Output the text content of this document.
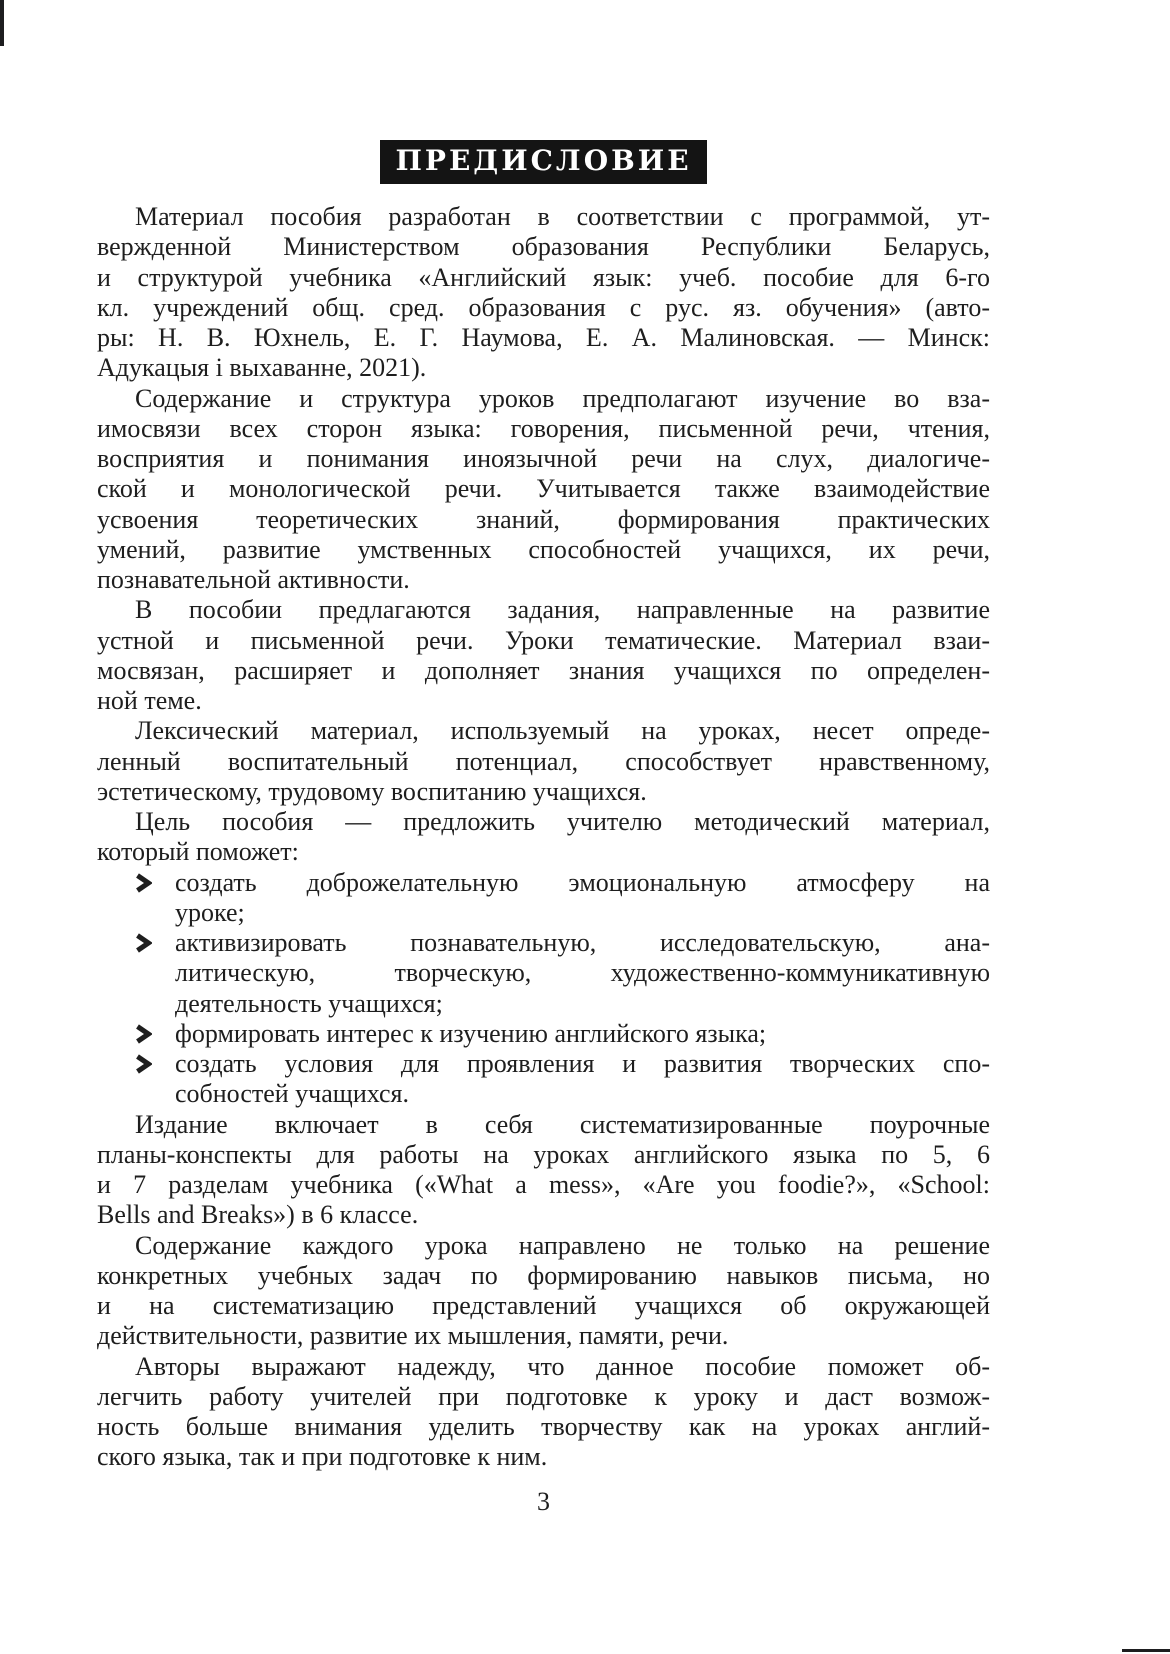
ПРЕДИСЛОВИЕ
Материал пособия разработан в соответствии с программой, ут-
вержденной Министерством образования Республики Беларусь,
и структурой учебника «Английский язык: учеб. пособие для 6-го
кл. учреждений общ. сред. образования с рус. яз. обучения» (авто-
ры: Н. В. Юхнель, Е. Г. Наумова, Е. А. Малиновская. — Минск:
Адукацыя і выхаванне, 2021).
Содержание и структура уроков предполагают изучение во вза-
имосвязи всех сторон языка: говорения, письменной речи, чтения,
восприятия и понимания иноязычной речи на слух, диалогиче-
ской и монологической речи. Учитывается также взаимодействие
усвоения теоретических знаний, формирования практических
умений, развитие умственных способностей учащихся, их речи,
познавательной активности.
В пособии предлагаются задания, направленные на развитие
устной и письменной речи. Уроки тематические. Материал взаи-
мосвязан, расширяет и дополняет знания учащихся по определен-
ной теме.
Лексический материал, используемый на уроках, несет опреде-
ленный воспитательный потенциал, способствует нравственному,
эстетическому, трудовому воспитанию учащихся.
Цель пособия — предложить учителю методический материал,
который поможет:
создать доброжелательную эмоциональную атмосферу на
уроке;
активизировать познавательную, исследовательскую, ана-
литическую, творческую, художественно-коммуникативную
деятельность учащихся;
формировать интерес к изучению английского языка;
создать условия для проявления и развития творческих спо-
собностей учащихся.
Издание включает в себя систематизированные поурочные
планы-конспекты для работы на уроках английского языка по 5, 6
и 7 разделам учебника («What a mess», «Are you foodie?», «School:
Bells and Breaks») в 6 классе.
Содержание каждого урока направлено не только на решение
конкретных учебных задач по формированию навыков письма, но
и на систематизацию представлений учащихся об окружающей
действительности, развитие их мышления, памяти, речи.
Авторы выражают надежду, что данное пособие поможет об-
легчить работу учителей при подготовке к уроку и даст возмож-
ность больше внимания уделить творчеству как на уроках англий-
ского языка, так и при подготовке к ним.
3
